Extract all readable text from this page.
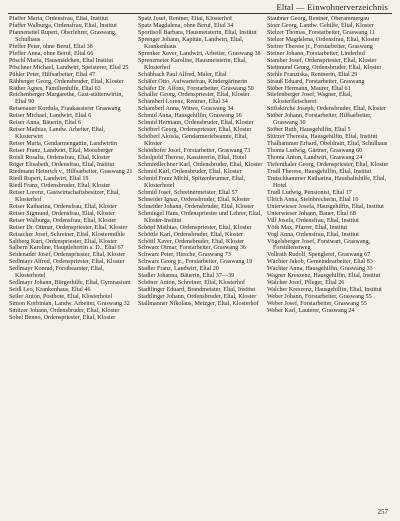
Eltal — Einwohnerverzeichnis
Pfaffer Maria, Ordensfrau, Eltal, Institut
Pfaffer Walburga, Ordensfrau, Eltal, Institut
Pfannenstiel Rupert, Oberlehrer, Graswang, Schulhaus
Pfeffer Peter, ohne Beruf, Eltal 38
Pfeffer Anna, ohne Beruf, Eltal 66
Pöschl Maria, Hausmädchen, Eltal Institut
Pöschner Michael, Landwirt, Speisterer, Eltal 25
Pühler Peter, Hilfsarbeiter, Eltal 47
Rähberger Georg, Ordensbruder, Eltal, Kloster
Räther Agnes, Familienhilfe, Eltal 63
Reichenberger Margarethe, Gast-stättenwirtin, Eltal 90
Reisenauer Kordula, Fraukassierer Graswang
Reiser Michael, Landwirt, Eltal 6
Reiser Anna, Bäuerin, Eltal 6
Reiser Mathias, Landw. Arbeiter, Eltal, Klosterwirt
Reiser Maria, Gendarmengattin, Landwirtin
Reiser Franz, Landwirt, Eltal, Moosberger
Roisli Rosalia, Ordensfrau, Eltal, Kloster
Röger Elisabeth, Ordensfrau, Eltal, Institut
Riedmann Heinrich v., Hilfsarbeiter, Graswang 21
Riedl Rupert, Landwirt, Eltal 19
Riedl Franz, Ordensbruder, Eltal, Kloster
Reiser Lorenz, Gastwirtschaftsbesitzer, Eltal, Klosterhof
Reiser Katharina, Ordensfrau, Eltal, Kloster
Reiser Sigmund, Ordensfrau, Eltal, Kloster
Reiser Walburga, Ordensfrau, Eltal, Kloster
Reiser Dr. Ottmar, Ordenspriester, Eltal, Kloster
Reisacher Josef, Schreiner, Eltal, Klostermühle
Saltberg Kurt, Ordenspriester, Eltal, Kloster
Salbern Karoline, Hauptlehrerin a. D., Eltal 67
Seidenader Josef, Ordenspriester, Eltal, Kloster
Sedlmayr Alfred, Ordenspriester, Eltal, Kloster
Sedlmayr Konrad, Forstbeamter, Eltal, Klosterhotel
Sedlmayr Johann, Bürgerhilfe, Eltal, Gymnasium
Seidl Leo, Krankenhaus, Eltal 46
Seiler Anton, Postbote, Eltal, Klosterhotel
Simon Korbinian, Landw. Arbeiter, Graswang 32
Smitzer Johann, Ordensbruder, Eltal, Kloster
Sobel Benno, Ordenspriester, Eltal, Kloster
Spatz Josef, Rentner, Eltal, Klosterhof
Spatz Magdalena, ohne Beruf, Eltal 34
Sportisoll Barbara, Hausmeisterin, Eltal, Institut
Sprenger Johann, Kapitän, Landwirt, Eltal, Krankenhaus
Sprenker Xaver, Landwirt, Arbeiter, Graswang 38
Sprenzmeier Karoline, Hausmeisterin, Eltal, Klosterhof
Schäbbach Paul Alfred, Maler, Eltal
Schäfer Otto, Aufwartefrau, Kindergärtnerin
Schäfer Dr. Alfons, Forstarbeiter, Graswang 50
Schaller Georg, Ordenspriester, Eltal, Kloster
Schamberl Lorenz, Rentner, Eltal 34
Schamberl Anna, Witwe, Graswang 34
Schmid Anna, Hausgehilfin, Graswang 16
Schmid Hermann, Ordensbruder, Eltal, Kloster
Schöberl Georg, Ordenspriester, Eltal, Kloster
Schöberl Aloisia, Gendarmeriebeamte, Eltal, Kloster
Schönhofer Josef, Forstarbeiter, Graswang 73
Scholpold Therese, Kassiererin, Eltal, Hotel
Schmiedlechner Karl, Ordensbruder, Eltal, Kloster
Schmid Karl, Ordensbruder, Eltal, Kloster
Schmid Franz Michl, Spitzenbrunner, Eltal, Klosterhotel
Schmid Josef, Schreinermeister, Eltal 57
Schneider Ignaz, Ordensbruder, Eltal, Kloster
Schneider Johann, Ordensbruder, Eltal, Kloster
Schmiegel Hans, Ordenspriester und Lehrer, Eltal, Kloster-Institut
Schöpf Mathias, Ordenspriester, Eltal, Kloster
Schöttle Karl, Ordensbruder, Eltal, Kloster
Schöttl Xaver, Ordensbruder, Eltal, Kloster
Schwarz Otmar, Forstarbeiter, Graswang 36
Schwarz Peter, Hirsche, Graswang 73
Schwarz Georg jr., Forstarbeiter, Graswang 19
Stadler Franz, Landwirt, Eltal 20
Stadler Johanna, Bäuerin, Eltal 37—39
Schöner Anton, Schreiner, Eltal, Klosterhof
Stadtlinger Eduard, Brandmeister, Eltal, Institut
Stadtlinger Johann, Ordensbruder, Eltal, Kloster
Stallmanner Nikolaus, Metzger, Eltal, Klosterhof
Staubner Georg, Rentner, Oberammergau
Stoer Georg, Landw. Gehilfe, Eltal, Kloster
Stelzer Thomas, Forstarbeiter, Graswang 11
Stelzer Magdalena, Ordensfrau, Eltal, Kloster
Steirer Therese jr., Forstarbeiter, Graswang
Steiner Johann, Forstarbeiter, Linderhof
Stamber Josef, Ordenspriester, Eltal, Kloster
Stettmund Georg, Ordensbruder, Eltal, Kloster
Stehle Franziska, Rentnerin, Eltal 29
Strauß Eduard, Forstarbeiter, Graswang
Stöber Hermann, Maurer, Eltal 61
Stiefenberger Josef, Wagner, Eltal, Klosterfleischerei
Stiftskirche Joseph, Ordensbruder, Eltal, Kloster
Stöber Johann, Forstarbeiter, Hilfsarbeiter, Graswang 30
Stöber Ruth, Hausgehilfin, Eltal 5
Stürzer Theresia, Hausgehilfin, Eltal, Institut
Thalhammer Erhard, Obeldrain, Eltal, Schulhaus
Thoma Ludwig, Gärtner, Graswang 60
Thoma Anton, Landwirt, Graswang 24
Tiefenthaler Georg, Ordenspriester, Eltal, Kloster
Trudl Therese, Hausgehilfin, Eltal, Institut
Trutschhammer Katharina, Haushaltshilfe, Eltal, Hotel
Trudl Ludwig, Pensionist, Eltal 17
Ulrich Anna, Steinbrecherin, Eltal 10
Unterwieser Josefa, Hausgehilfin, Eltal, Institut
Unterwieser Johann, Bauer, Eltal 68
Vill Josefa, Ordensfrau, Eltal, Institut
Vöth Max, Pfarrer, Eltal, Institut
Vogl Anna, Ordensfrau, Eltal, Institut
Vögelsberger Josef, Forstwart, Graswang, Forstdienstweg
Vollrath Rudolf, Spenglerei, Graswang 67
Wächter Jakob, Gemeindearbeiter, Eltal 83
Wächter Anna, Hausgehilfin, Graswang 33
Wagner Kreszenz, Hausgehilfin, Eltal, Institut
Walcher Josef, Pfleger, Eltal 26
Walcher Kreszenz, Hausgehilfin, Eltal, Institut
Weber Johann, Forstarbeiter, Graswang 55
Weber Josef, Forstarbeiter, Graswang 55
Weber Karl, Lauterer, Graswang 24
257
